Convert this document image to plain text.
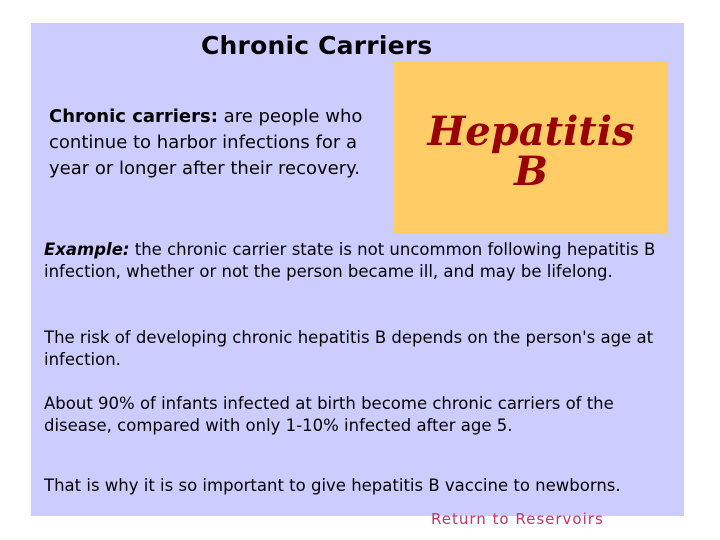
Chronic Carriers
Hepatitis
B
Chronic carriers: are people who continue to harbor infections for a year or longer after their recovery.
Example: the chronic carrier state is not uncommon following hepatitis B infection, whether or not the person became ill, and may be lifelong.
The risk of developing chronic hepatitis B depends on the person's age at infection.
About 90% of infants infected at birth become chronic carriers of the disease, compared with only 1-10% infected after age 5.
That is why it is so important to give hepatitis B vaccine to newborns.
Return to Reservoirs
